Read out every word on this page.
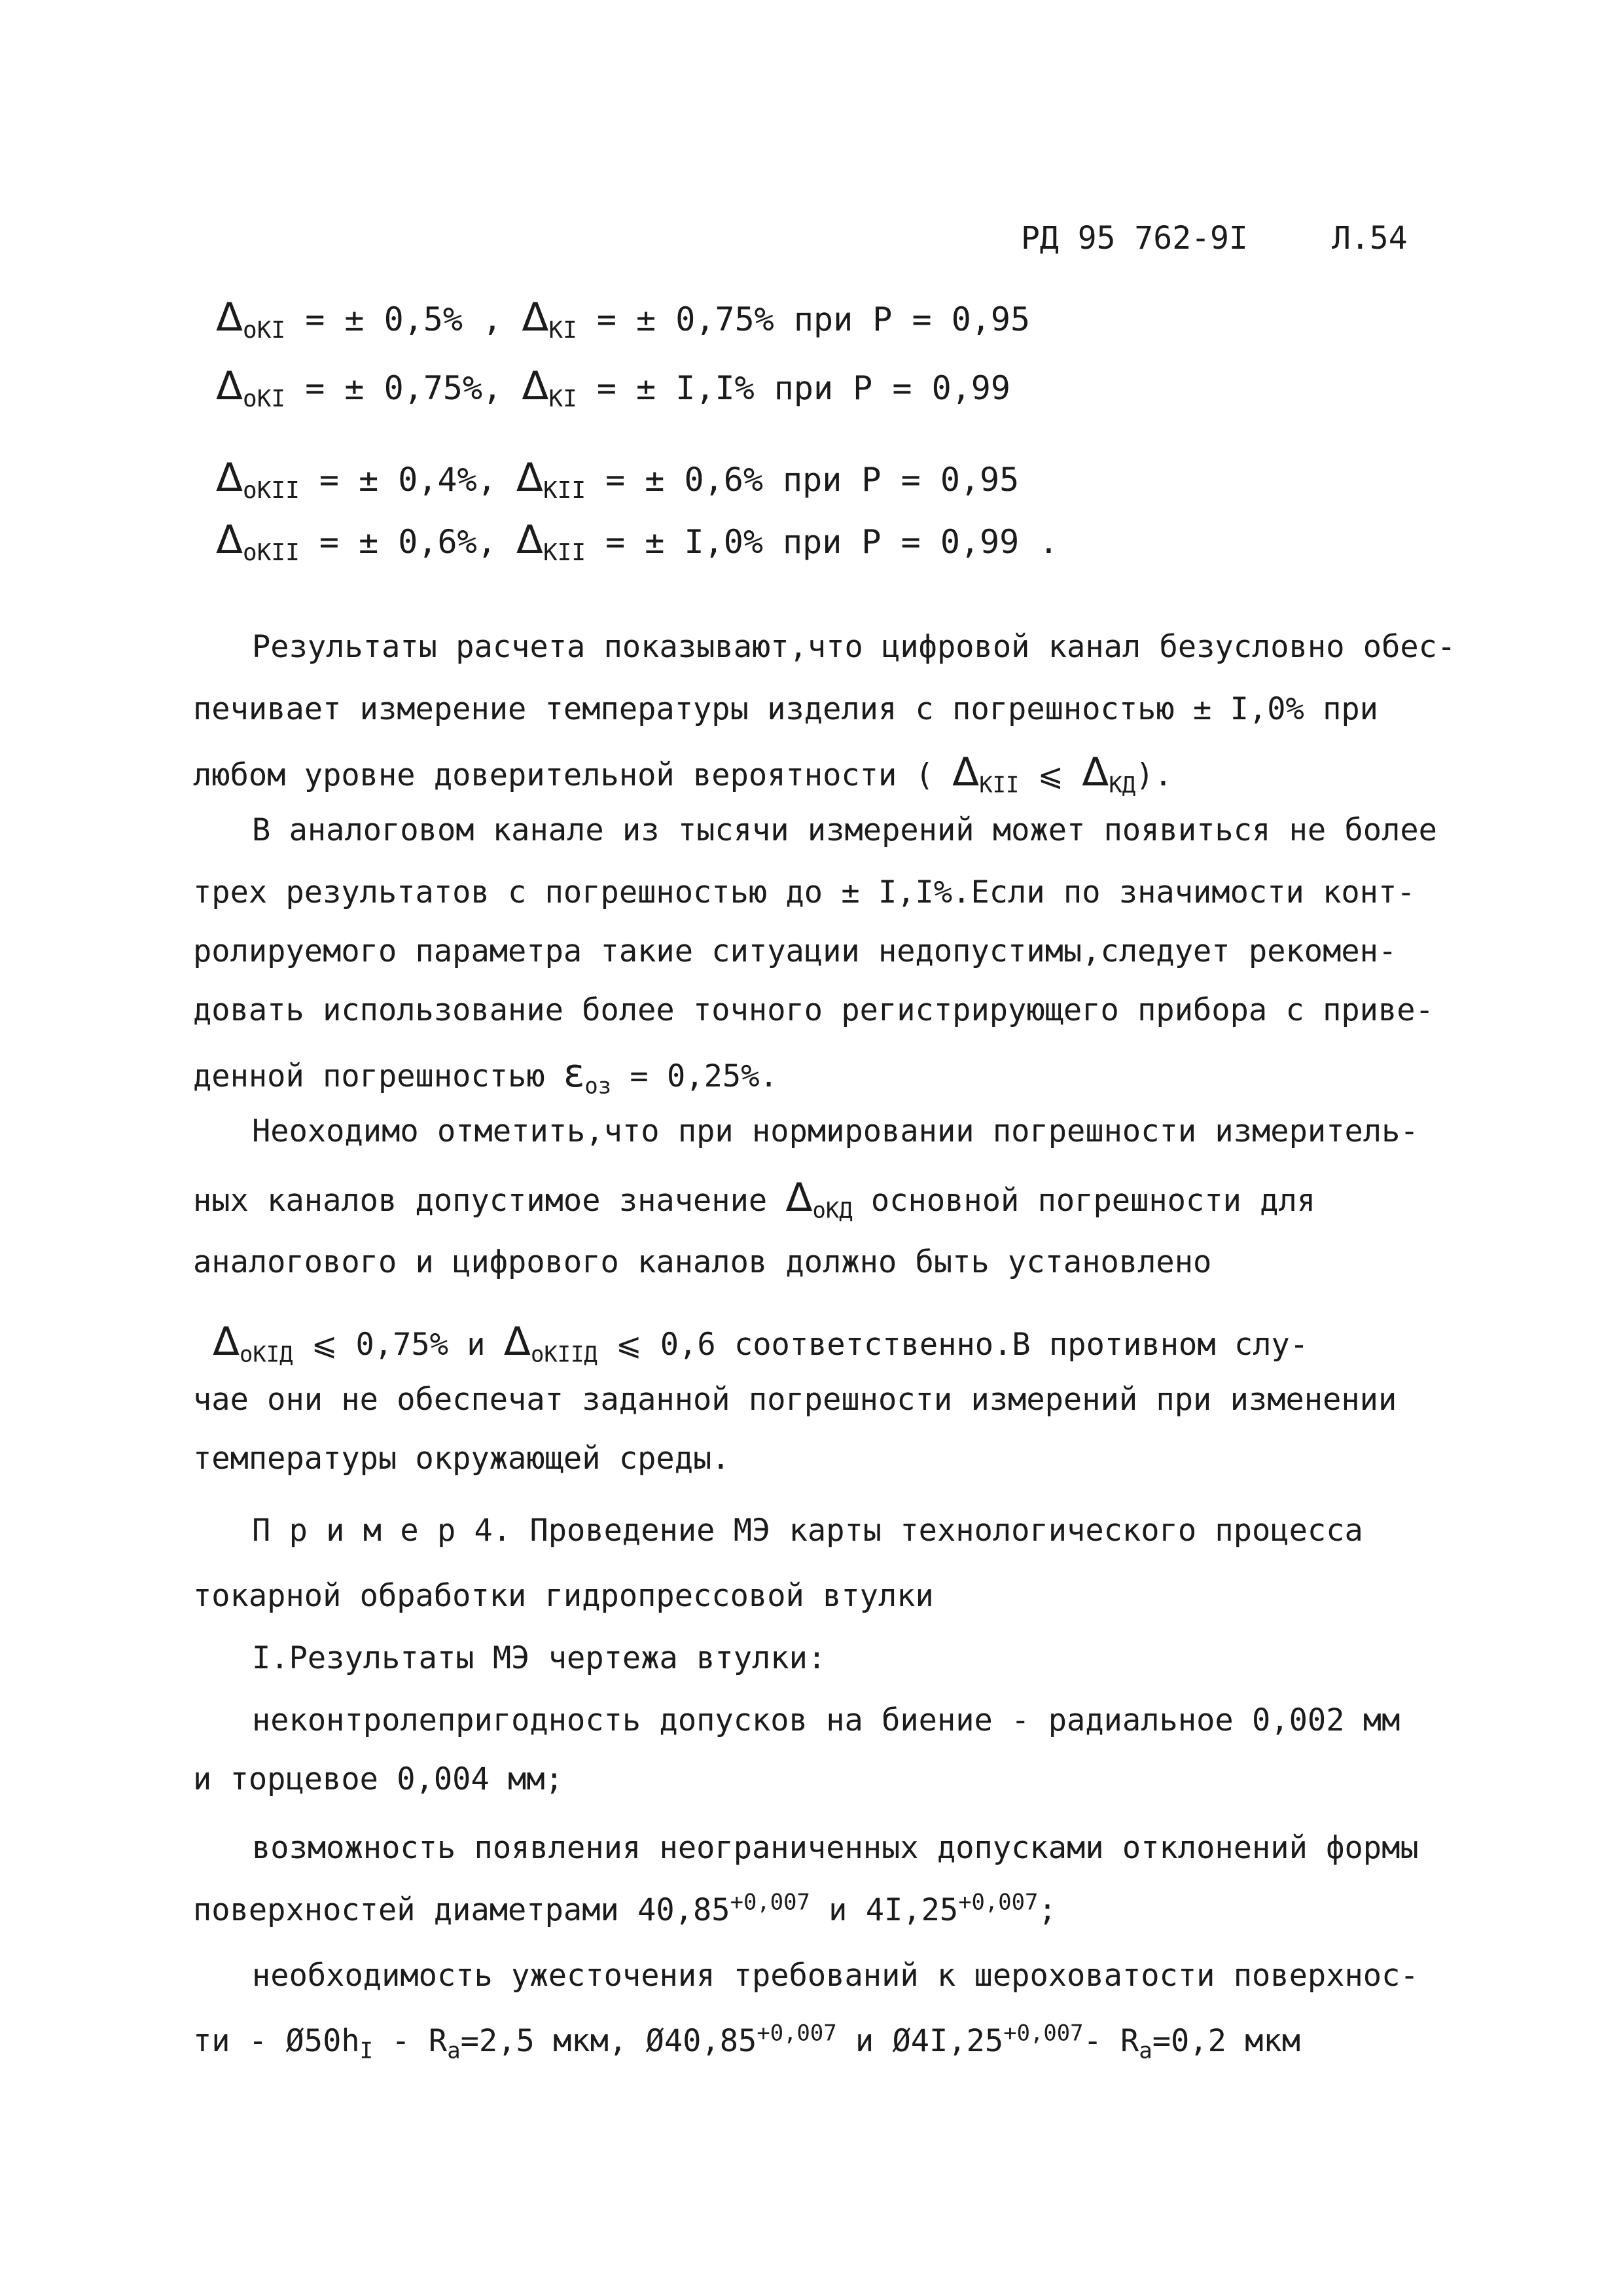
РД 95 762-9I	Л.54
$\Delta_{оКI}$ = ± 0,5% , $\Delta_{КI}$ = ± 0,75% при Р = 0,95
$\Delta_{оКI}$ = ± 0,75%, $\Delta_{КI}$ = ± I,I% при Р = 0,99
$\Delta_{оКII}$ = ± 0,4%, $\Delta_{КII}$ = ± 0,6% при Р = 0,95
$\Delta_{оКII}$ = ± 0,6%, $\Delta_{КII}$ = ± I,0% при Р = 0,99 .
Результаты расчета показывают,что цифровой канал безусловно обес-
печивает измерение температуры изделия с погрешностью ± I,0% при
любом уровне доверительной вероятности ( $\Delta_{КII}$ ⩽ $\Delta_{КД}$).
В аналоговом канале из тысячи измерений может появиться не более
трех результатов с погрешностью до ± I,I%.Если по значимости конт-
ролируемого параметра такие ситуации недопустимы,следует рекомен-
довать использование более точного регистрирующего прибора с приве-
денной погрешностью $\varepsilon_{оз} = 0,25\%$.
Неоходимо отметить,что при нормировании погрешности измеритель-
ных каналов допустимое значение $\Delta_{оКД}$ основной погрешности для
аналогового и цифрового каналов должно быть установлено
$\Delta_{оКIД}$ ⩽ 0,75% и $\Delta_{оКIIД}$ ⩽ 0,6 соответственно.В противном слу-
чае они не обеспечат заданной погрешности измерений при изменении
температуры окружающей среды.
П р и м е р 4. Проведение МЭ карты технологического процесса
токарной обработки гидропрессовой втулки
I.Результаты МЭ чертежа втулки:
неконтролепригодность допусков на биение - радиальное 0,002 мм
и торцевое 0,004 мм;
возможность появления неограниченных допусками отклонений формы
поверхностей диаметрами $40,85^{+0,007}$ и $4I,25^{+0,007}$;
необходимость ужесточения требований к шероховатости поверхнос-
ти - $Ø50h_I - R_a=2,5$ мкм, $Ø40,85^{+0,007}$ и $Ø4I,25^{+0,007}-$ $R_a=0,2$ мкм
